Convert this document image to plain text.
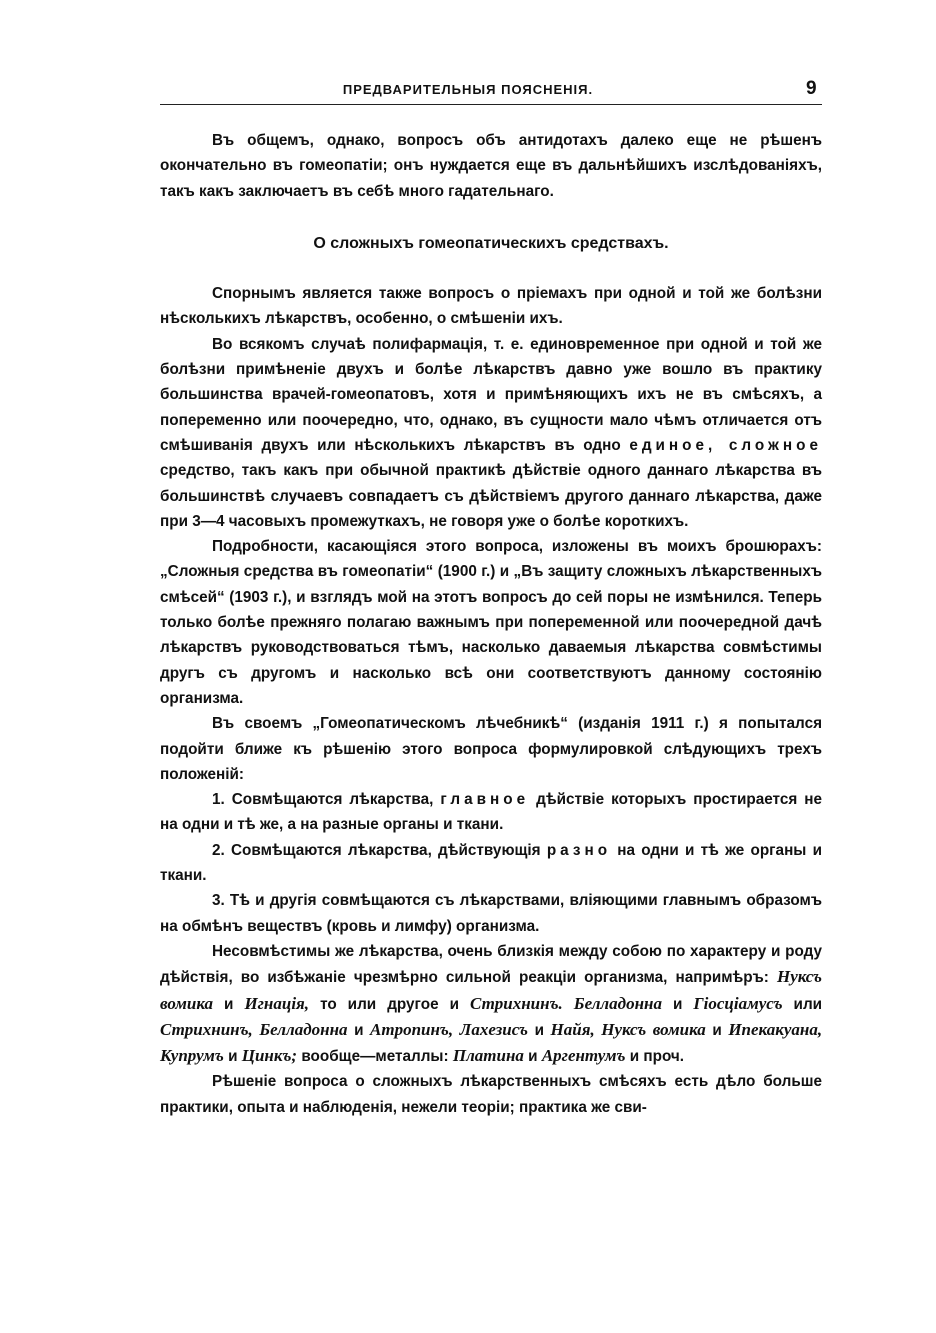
ПРЕДВАРИТЕЛЬНЫЯ ПОЯСНЕНІЯ.	9

Въ общемъ, однако, вопросъ объ антидотахъ далеко еще не рѣшенъ окончательно въ гомеопатіи; онъ нуждается еще въ дальнѣйшихъ изслѣдованіяхъ, такъ какъ заключаетъ въ себѣ много гадательнаго.

О сложныхъ гомеопатическихъ средствахъ.

Спорнымъ является также вопросъ о пріемахъ при одной и той же болѣзни нѣсколькихъ лѣкарствъ, особенно, о смѣшеніи ихъ.

Во всякомъ случаѣ полифармація, т. е. единовременное при одной и той же болѣзни примѣненіе двухъ и болѣе лѣкарствъ давно уже вошло въ практику большинства врачей-гомеопатовъ, хотя и примѣняющихъ ихъ не въ смѣсяхъ, а попеременно или поочередно, что, однако, въ сущности мало чѣмъ отличается отъ смѣшиванія двухъ или нѣсколькихъ лѣкарствъ въ одно единое, сложное средство, такъ какъ при обычной практикѣ дѣйствіе одного даннаго лѣкарства въ большинствѣ случаевъ совпадаетъ съ дѣйствіемъ другого даннаго лѣкарства, даже при 3—4 часовыхъ промежуткахъ, не говоря уже о болѣе короткихъ.

Подробности, касающіяся этого вопроса, изложены въ моихъ брошюрахъ: „Сложныя средства въ гомеопатіи“ (1900 г.) и „Въ защиту сложныхъ лѣкарственныхъ смѣсей“ (1903 г.), и взглядъ мой на этотъ вопросъ до сей поры не измѣнился. Теперь только болѣе прежняго полагаю важнымъ при попеременной или поочередной дачѣ лѣкарствъ руководствоваться тѣмъ, насколько даваемыя лѣкарства совмѣстимы другъ съ другомъ и насколько всѣ они соответствуютъ данному состоянію организма.

Въ своемъ „Гомеопатическомъ лѣчебникѣ“ (изданія 1911 г.) я попытался подойти ближе къ рѣшенію этого вопроса формулировкой слѣдующихъ трехъ положеній:

1. Совмѣщаются лѣкарства, главное дѣйствіе которыхъ простирается не на одни и тѣ же, а на разные органы и ткани.

2. Совмѣщаются лѣкарства, дѣйствующія разно на одни и тѣ же органы и ткани.

3. Тѣ и другія совмѣщаются съ лѣкарствами, вліяющими главнымъ образомъ на обмѣнъ веществъ (кровь и лимфу) организма.

Несовмѣстимы же лѣкарства, очень близкія между собою по характеру и роду дѣйствія, во избѣжаніе чрезмѣрно сильной реакціи организма, напримѣръ: Нуксъ вомика и Игнація, то или другое и Стрихнинъ. Белладонна и Гіосціамусъ или Стрихнинъ, Белладонна и Атропинъ, Лахезисъ и Найя, Нуксъ вомика и Ипекакуана, Купрумъ и Цинкъ; вообще—металлы: Платина и Аргентумъ и проч.

Рѣшеніе вопроса о сложныхъ лѣкарственныхъ смѣсяхъ есть дѣло больше практики, опыта и наблюденія, нежели теоріи; практика же сви-
